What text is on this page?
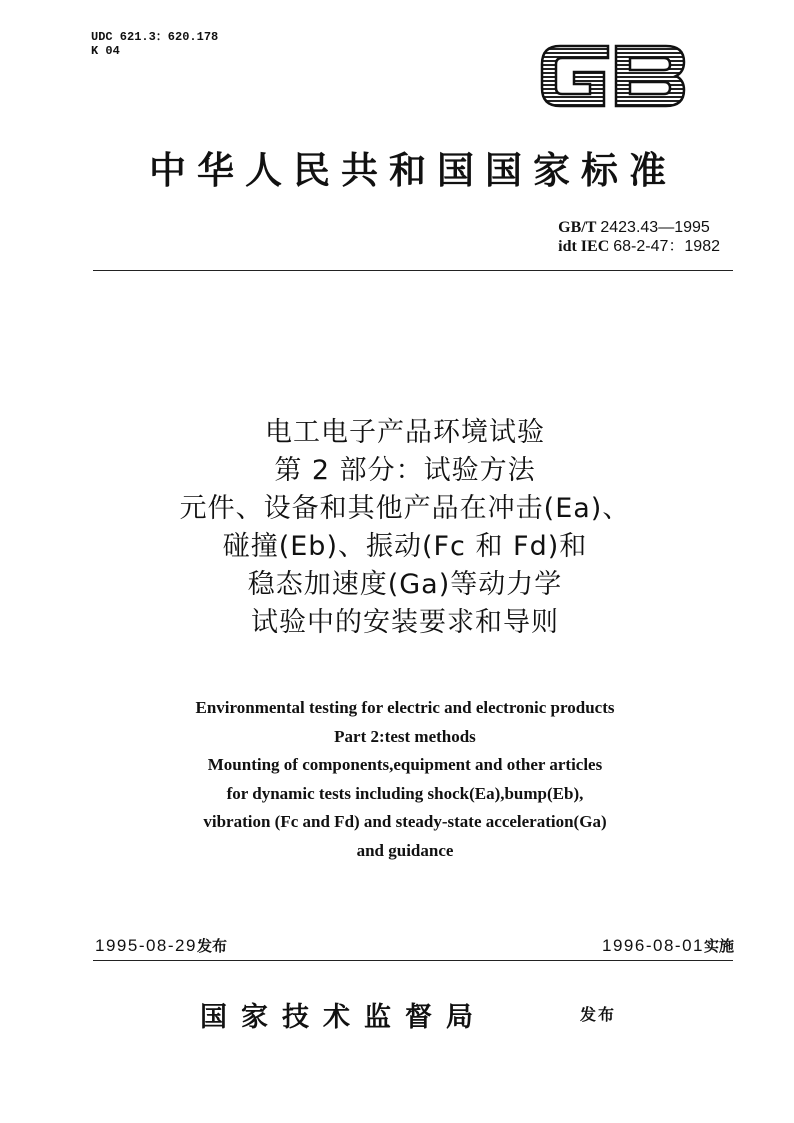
UDC 621.3：620.178
K 04
中华人民共和国国家标准
GB/T 2423.43—1995
idt IEC 68-2-47：1982
电工电子产品环境试验
第 2 部分：试验方法
元件、设备和其他产品在冲击(Ea)、
碰撞(Eb)、振动(Fc 和 Fd)和
稳态加速度(Ga)等动力学
试验中的安装要求和导则
Environmental testing for electric and electronic products
Part 2:test methods
Mounting of components,equipment and other articles
for dynamic tests including shock(Ea),bump(Eb),
vibration (Fc and Fd) and steady-state acceleration(Ga)
and guidance
1995-08-29发布	1996-08-01实施
国家技术监督局	发布
